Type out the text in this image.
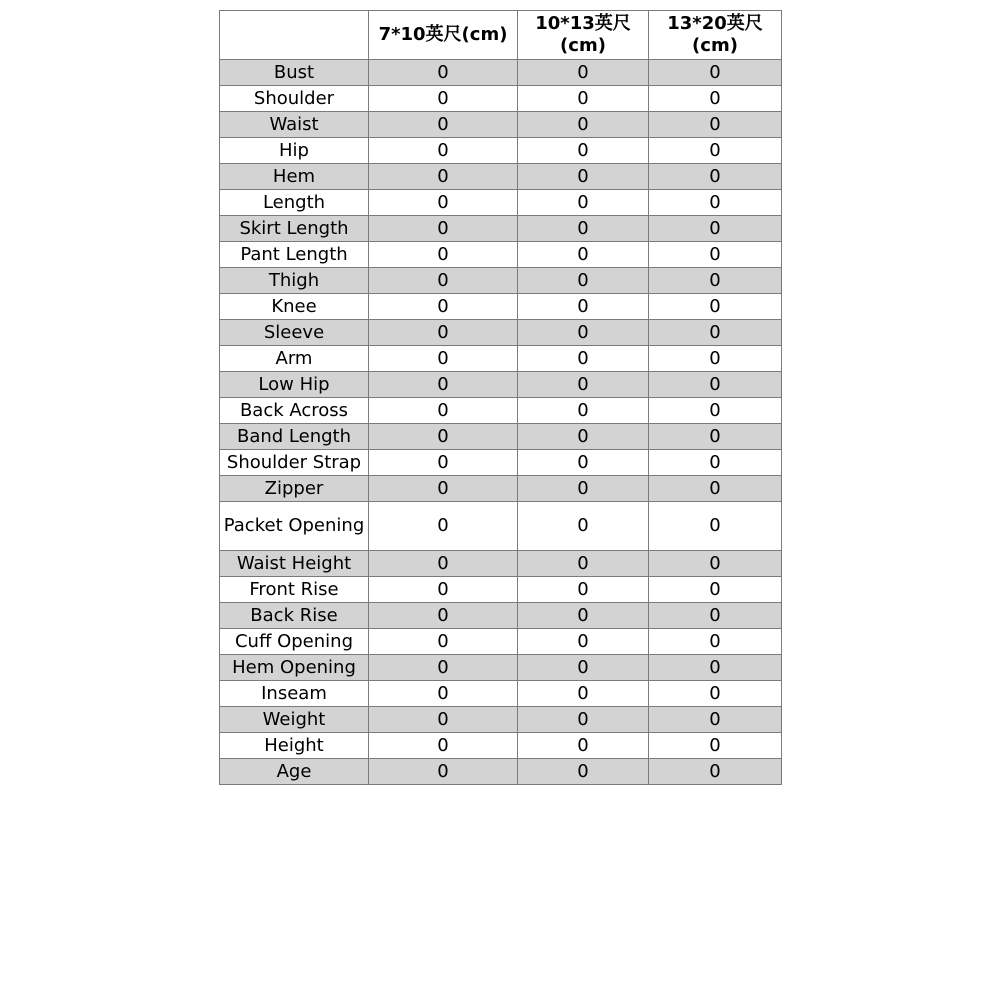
	7*10英尺(cm)	10*13英尺(cm)	13*20英尺(cm)
Bust	0	0	0
Shoulder	0	0	0
Waist	0	0	0
Hip	0	0	0
Hem	0	0	0
Length	0	0	0
Skirt Length	0	0	0
Pant Length	0	0	0
Thigh	0	0	0
Knee	0	0	0
Sleeve	0	0	0
Arm	0	0	0
Low Hip	0	0	0
Back Across	0	0	0
Band Length	0	0	0
Shoulder Strap	0	0	0
Zipper	0	0	0
Packet Opening	0	0	0
Waist Height	0	0	0
Front Rise	0	0	0
Back Rise	0	0	0
Cuff Opening	0	0	0
Hem Opening	0	0	0
Inseam	0	0	0
Weight	0	0	0
Height	0	0	0
Age	0	0	0
